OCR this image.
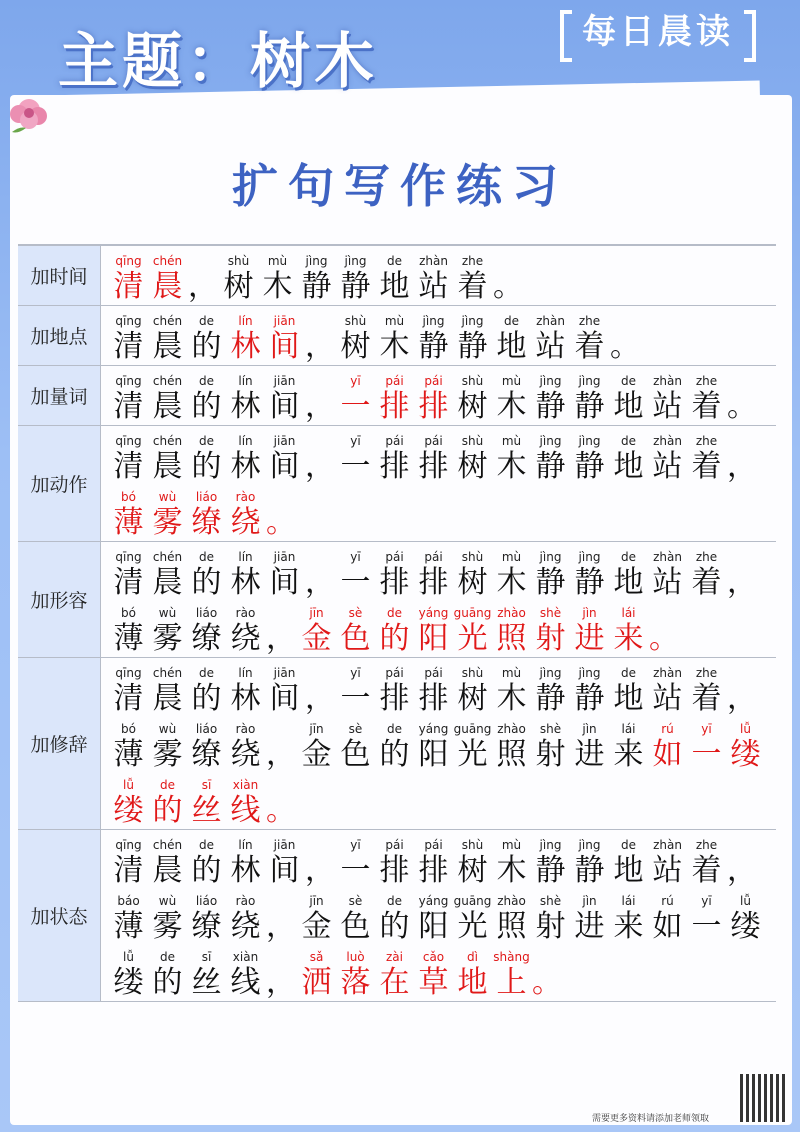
主题：树木	每日晨读
扩句写作练习
加时间
qīng
清
chén
晨 ，
shù
树
mù
木
jìng
静
jìng
静
de
地
zhàn
站
zhe
着 。
加地点
qīng
清
chén
晨
de
的
lín
林
jiān
间 ，
shù
树
mù
木
jìng
静
jìng
静
de
地
zhàn
站
zhe
着 。
加量词
qīng
清
chén
晨
de
的
lín
林
jiān
间 ，
yī
一
pái
排
pái
排
shù
树
mù
木
jìng
静
jìng
静
de
地
zhàn
站
zhe
着 。
加动作
qīng
清
chén
晨
de
的
lín
林
jiān
间 ，
yī
一
pái
排
pái
排
shù
树
mù
木
jìng
静
jìng
静
de
地
zhàn
站
zhe
着 ，
bó
薄
wù
雾
liáo
缭
rào
绕 。
加形容
qīng
清
chén
晨
de
的
lín
林
jiān
间 ，
yī
一
pái
排
pái
排
shù
树
mù
木
jìng
静
jìng
静
de
地
zhàn
站
zhe
着 ，
bó
薄
wù
雾
liáo
缭
rào
绕 ，
jīn
金
sè
色
de
的
yáng
阳
guāng
光
zhào
照
shè
射
jìn
进
lái
来 。
加修辞
qīng
清
chén
晨
de
的
lín
林
jiān
间 ，
yī
一
pái
排
pái
排
shù
树
mù
木
jìng
静
jìng
静
de
地
zhàn
站
zhe
着 ，
bó
薄
wù
雾
liáo
缭
rào
绕 ，
jīn
金
sè
色
de
的
yáng
阳
guāng
光
zhào
照
shè
射
jìn
进
lái
来
rú
如
yī
一
lǚ
缕
lǚ
缕
de
的
sī
丝
xiàn
线 。
加状态
qīng
清
chén
晨
de
的
lín
林
jiān
间 ，
yī
一
pái
排
pái
排
shù
树
mù
木
jìng
静
jìng
静
de
地
zhàn
站
zhe
着 ，
báo
薄
wù
雾
liáo
缭
rào
绕 ，
jīn
金
sè
色
de
的
yáng
阳
guāng
光
zhào
照
shè
射
jìn
进
lái
来
rú
如
yī
一
lǚ
缕
lǚ
缕
de
的
sī
丝
xiàn
线 ，
sǎ
洒
luò
落
zài
在
cǎo
草
dì
地
shàng
上 。
需要更多资料请添加老师领取
